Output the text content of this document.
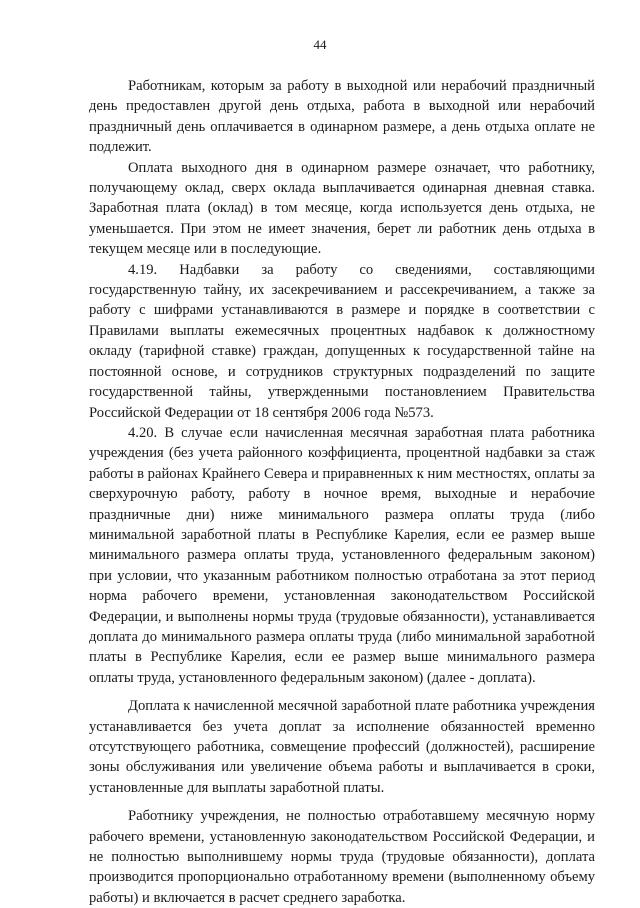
44

Работникам, которым за работу в выходной или нерабочий праздничный день предоставлен другой день отдыха, работа в выходной или нерабочий праздничный день оплачивается в одинарном размере, а день отдыха оплате не подлежит.

Оплата выходного дня в одинарном размере означает, что работнику, получающему оклад, сверх оклада выплачивается одинарная дневная ставка. Заработная плата (оклад) в том месяце, когда используется день отдыха, не уменьшается. При этом не имеет значения, берет ли работник день отдыха в текущем месяце или в последующие.

4.19. Надбавки за работу со сведениями, составляющими государственную тайну, их засекречиванием и рассекречиванием, а также за работу с шифрами устанавливаются в размере и порядке в соответствии с Правилами выплаты ежемесячных процентных надбавок к должностному окладу (тарифной ставке) граждан, допущенных к государственной тайне на постоянной основе, и сотрудников структурных подразделений по защите государственной тайны, утвержденными постановлением Правительства Российской Федерации от 18 сентября 2006 года №573.

4.20. В случае если начисленная месячная заработная плата работника учреждения (без учета районного коэффициента, процентной надбавки за стаж работы в районах Крайнего Севера и приравненных к ним местностях, оплаты за сверхурочную работу, работу в ночное время, выходные и нерабочие праздничные дни) ниже минимального размера оплаты труда (либо минимальной заработной платы в Республике Карелия, если ее размер выше минимального размера оплаты труда, установленного федеральным законом) при условии, что указанным работником полностью отработана за этот период норма рабочего времени, установленная законодательством Российской Федерации, и выполнены нормы труда (трудовые обязанности), устанавливается доплата до минимального размера оплаты труда (либо минимальной заработной платы в Республике Карелия, если ее размер выше минимального размера оплаты труда, установленного федеральным законом) (далее - доплата).

Доплата к начисленной месячной заработной плате работника учреждения устанавливается без учета доплат за исполнение обязанностей временно отсутствующего работника, совмещение профессий (должностей), расширение зоны обслуживания или увеличение объема работы и выплачивается в сроки, установленные для выплаты заработной платы.

Работнику учреждения, не полностью отработавшему месячную норму рабочего времени, установленную законодательством Российской Федерации, и не полностью выполнившему нормы труда (трудовые обязанности), доплата производится пропорционально отработанному времени (выполненному объему работы) и включается в расчет среднего заработка.
